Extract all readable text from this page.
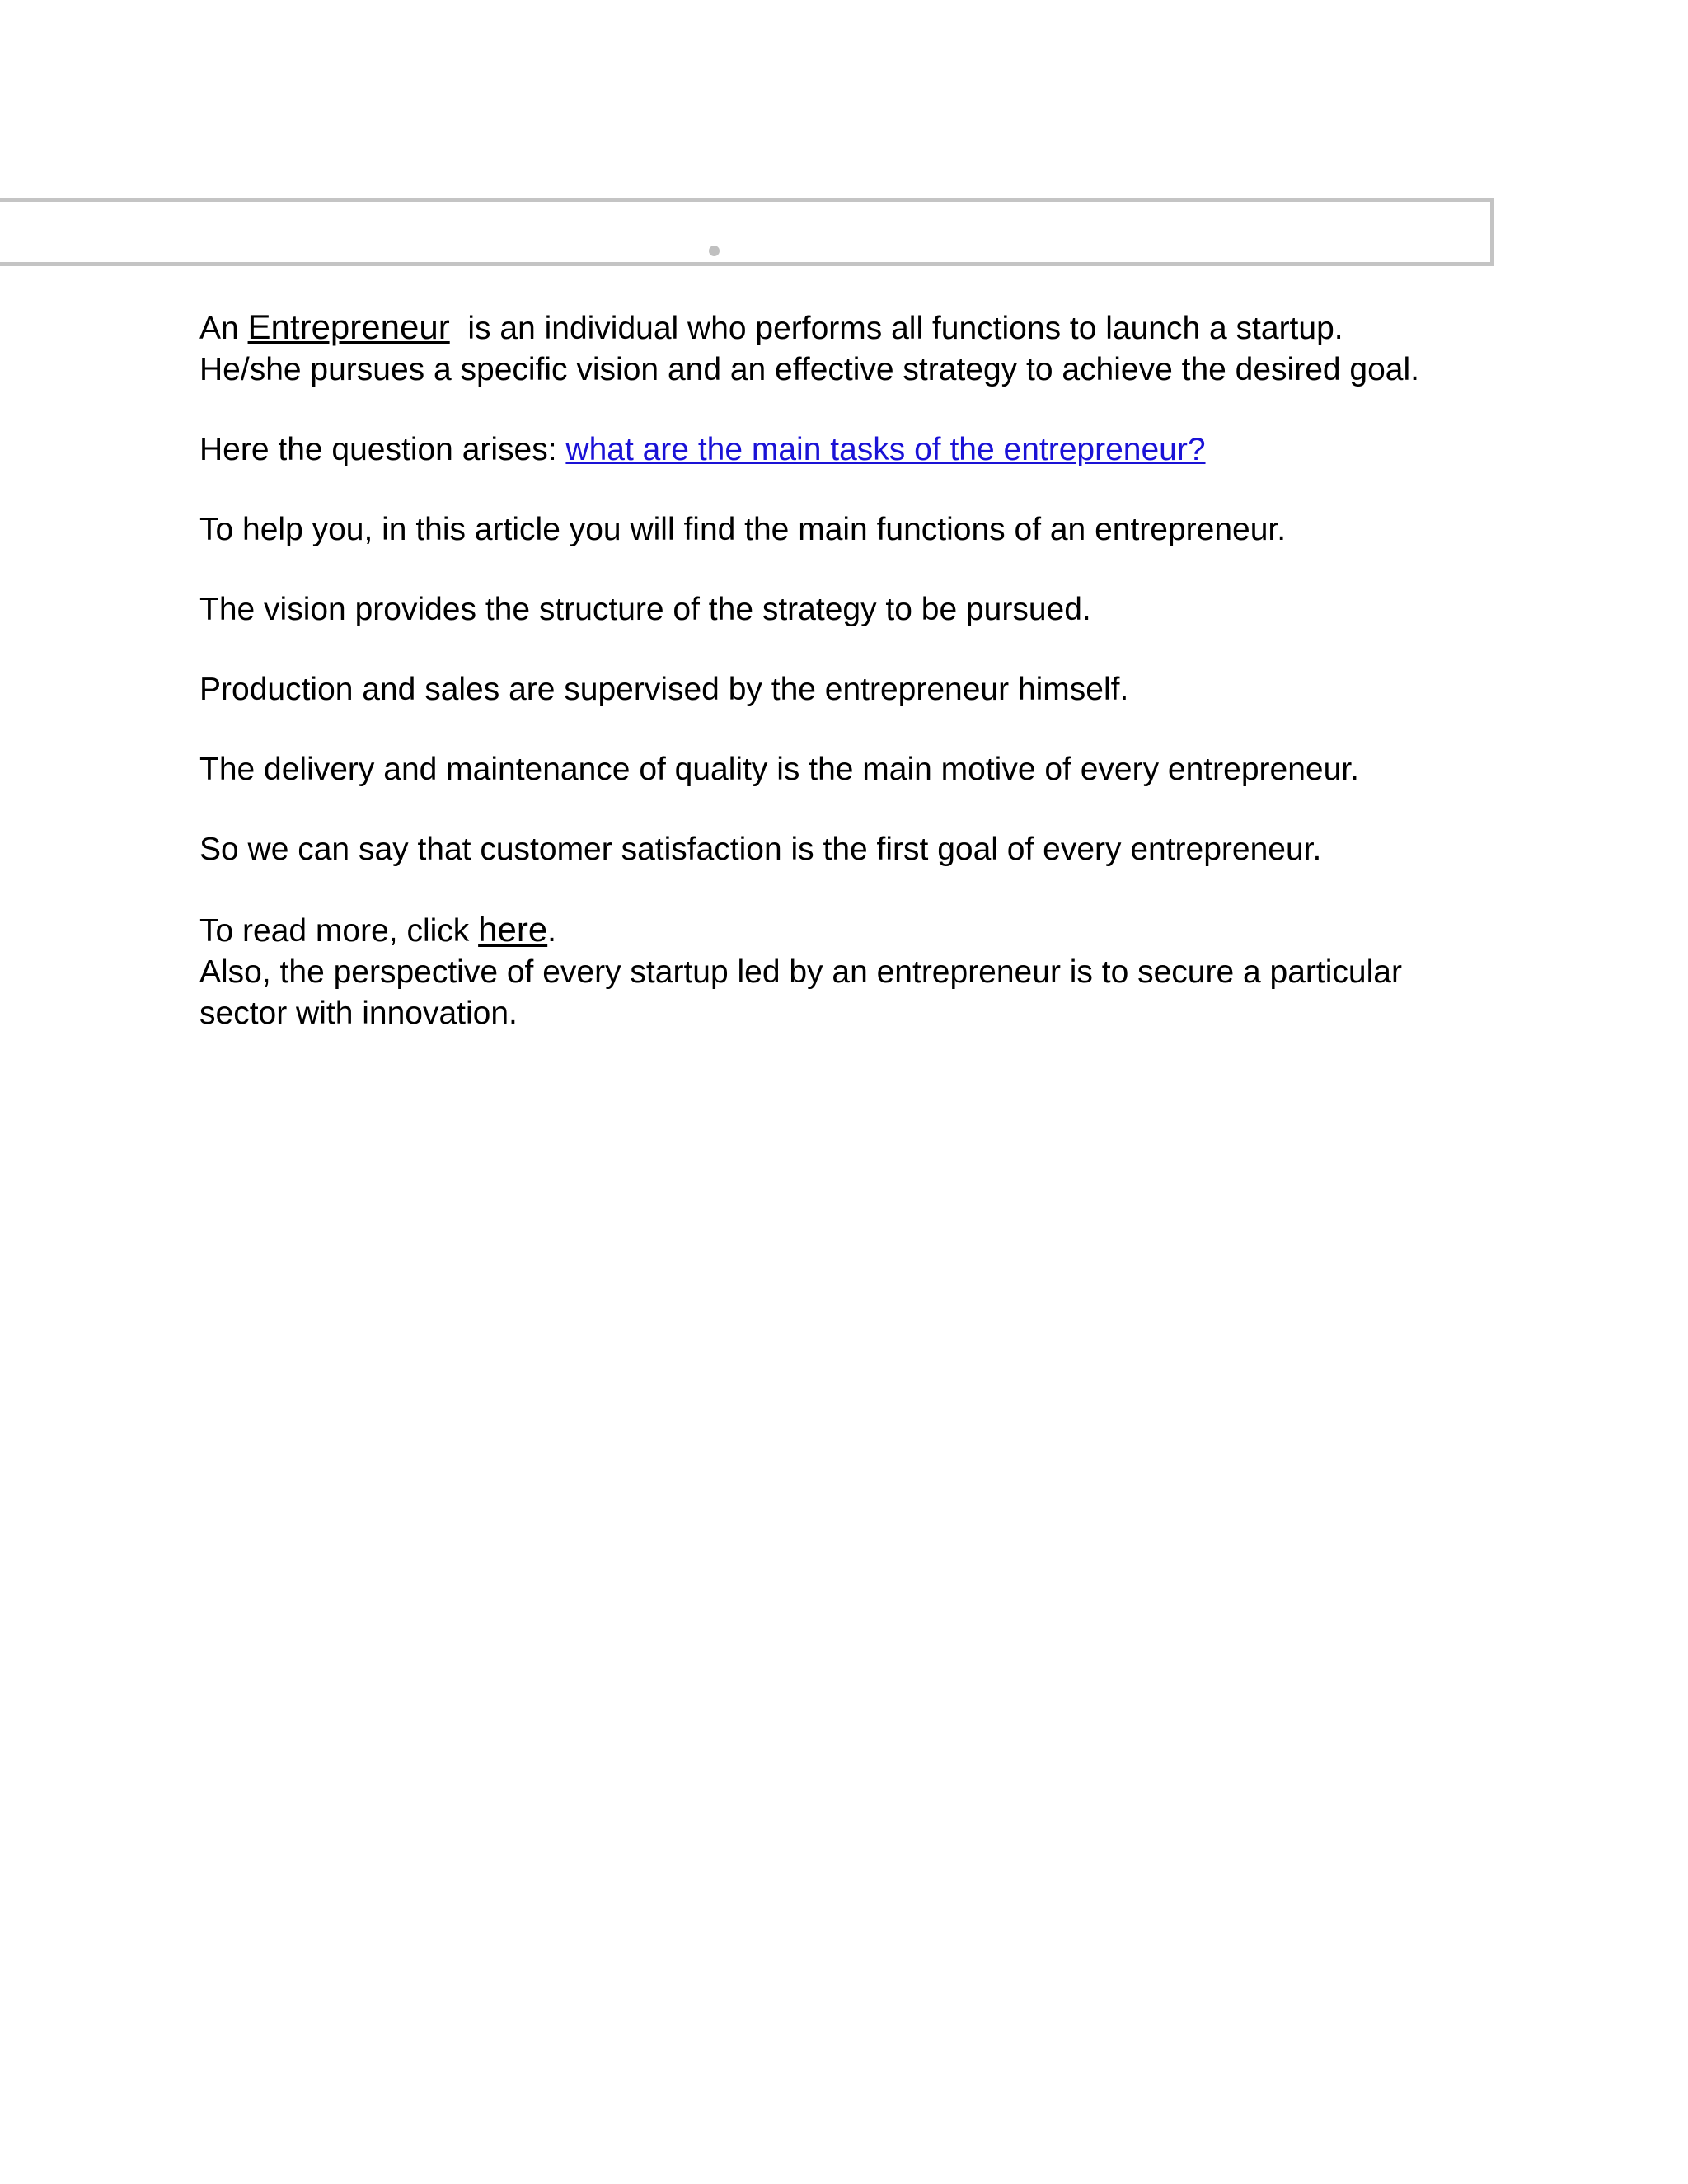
An Entrepreneur  is an individual who performs all functions to launch a startup.

He/she pursues a specific vision and an effective strategy to achieve the desired goal.

Here the question arises: what are the main tasks of the entrepreneur?

To help you, in this article you will find the main functions of an entrepreneur.

The vision provides the structure of the strategy to be pursued.

Production and sales are supervised by the entrepreneur himself.

The delivery and maintenance of quality is the main motive of every entrepreneur.

So we can say that customer satisfaction is the first goal of every entrepreneur.

To read more, click here.

Also, the perspective of every startup led by an entrepreneur is to secure a particular

sector with innovation.
